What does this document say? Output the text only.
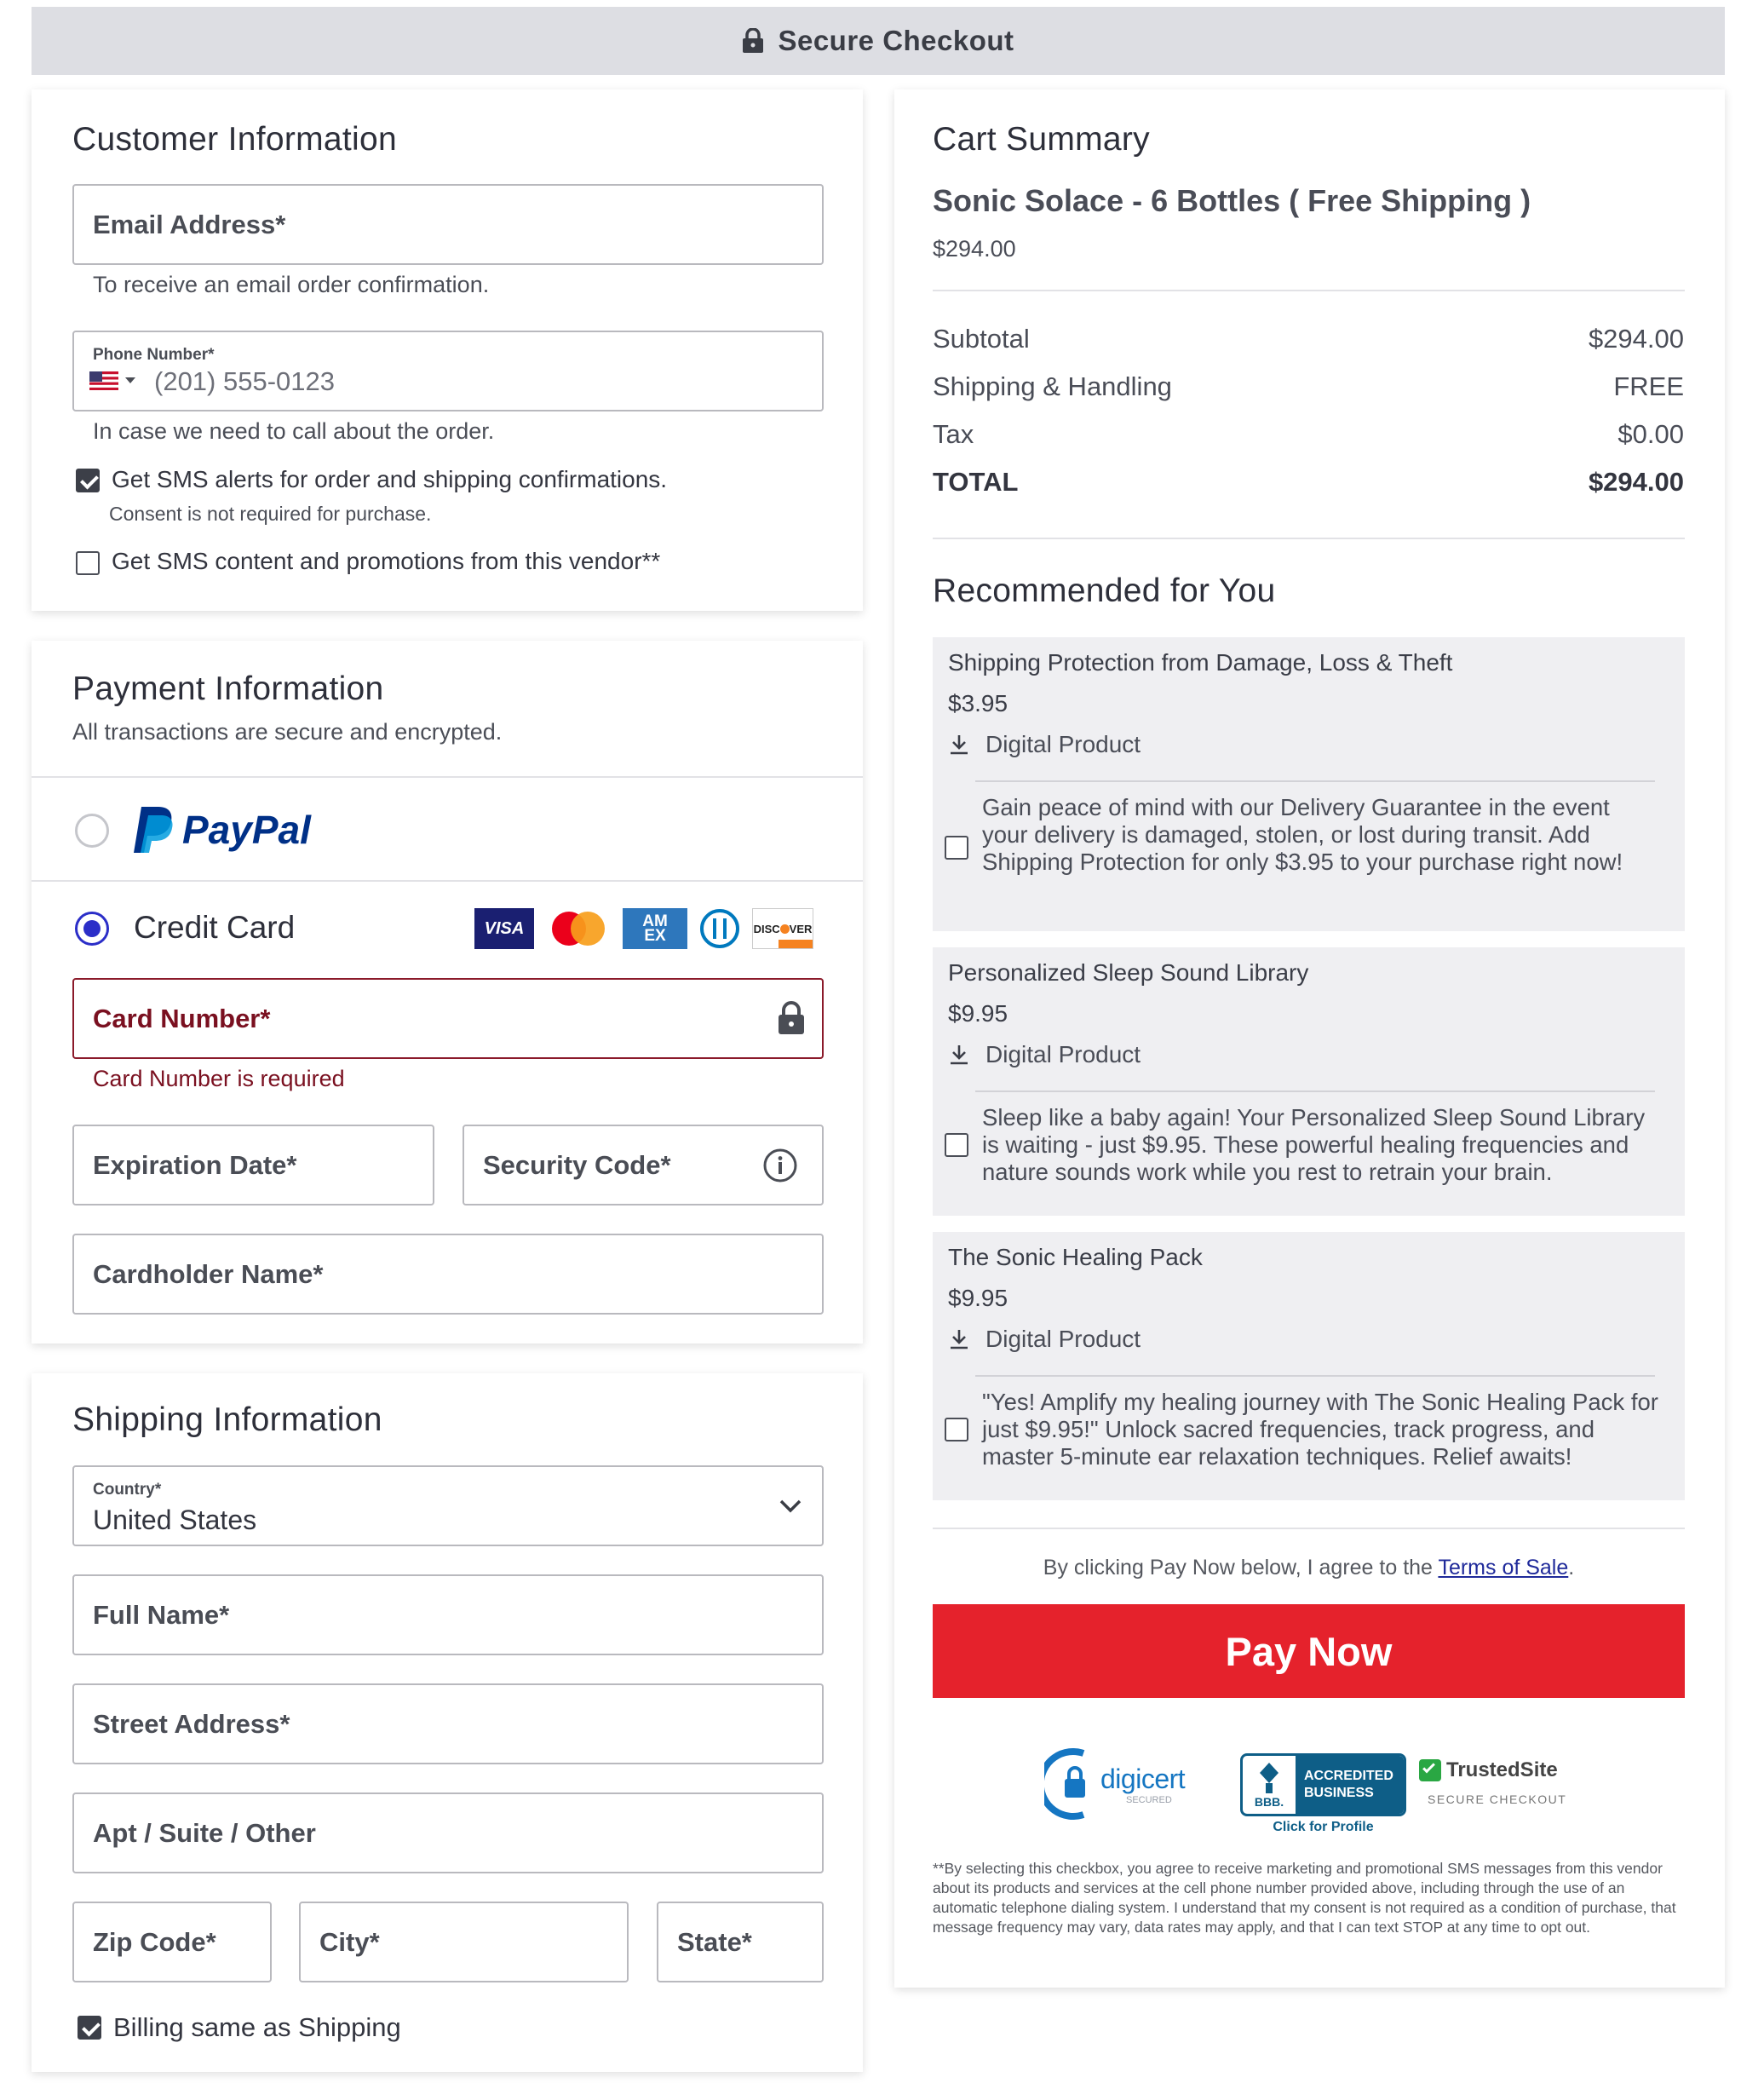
Secure Checkout
Customer Information
Email Address*
To receive an email order confirmation.
Phone Number*
(201) 555-0123
In case we need to call about the order.
Get SMS alerts for order and shipping confirmations.
Consent is not required for purchase.
Get SMS content and promotions from this vendor**
Payment Information
All transactions are secure and encrypted.
PayPal
Credit Card	VISA	AM
EX	DISC VER
Card Number*
Card Number is required
Expiration Date*	Security Code*
Cardholder Name*
Shipping Information
Country*
United States
Full Name*
Street Address*
Apt / Suite / Other
Zip Code*	City*	State*
Billing same as Shipping
Cart Summary
Sonic Solace - 6 Bottles ( Free Shipping )
$294.00
Subtotal	$294.00
Shipping & Handling	FREE
Tax	$0.00
TOTAL	$294.00
Recommended for You
Shipping Protection from Damage, Loss & Theft
$3.95
Digital Product
Gain peace of mind with our Delivery Guarantee in the event your delivery is damaged, stolen, or lost during transit. Add Shipping Protection for only $3.95 to your purchase right now!
Personalized Sleep Sound Library
$9.95
Digital Product
Sleep like a baby again! Your Personalized Sleep Sound Library is waiting - just $9.95. These powerful healing frequencies and nature sounds work while you rest to retrain your brain.
The Sonic Healing Pack
$9.95
Digital Product
"Yes! Amplify my healing journey with The Sonic Healing Pack for just $9.95!" Unlock sacred frequencies, track progress, and master 5-minute ear relaxation techniques. Relief awaits!
By clicking Pay Now below, I agree to the Terms of Sale.
Pay Now
digicert
SECURED	BBB.
ACCREDITED
BUSINESS
Click for Profile
TrustedSite
SECURE CHECKOUT
**By selecting this checkbox, you agree to receive marketing and promotional SMS messages from this vendor about its products and services at the cell phone number provided above, including through the use of an automatic telephone dialing system. I understand that my consent is not required as a condition of purchase, that message frequency may vary, data rates may apply, and that I can text STOP at any time to opt out.
